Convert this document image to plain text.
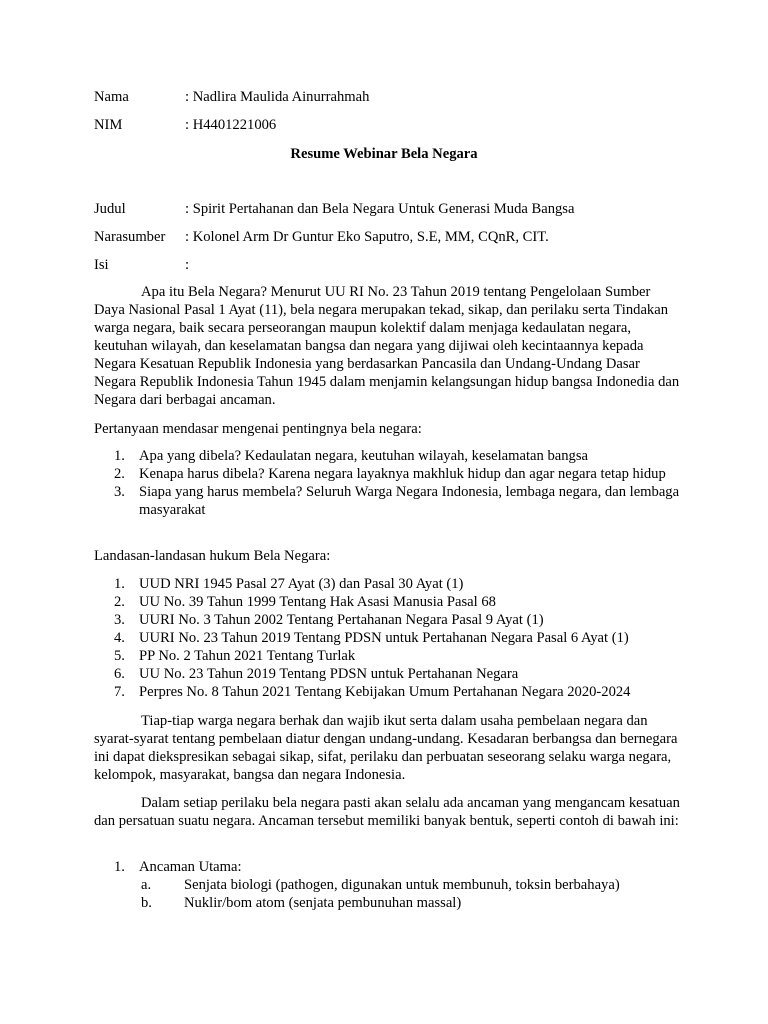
Nama	: Nadlira Maulida Ainurrahmah
NIM	: H4401221006
Resume Webinar Bela Negara
Judul	: Spirit Pertahanan dan Bela Negara Untuk Generasi Muda Bangsa
Narasumber : Kolonel Arm Dr Guntur Eko Saputro, S.E, MM, CQnR, CIT.
Isi	:

Apa itu Bela Negara? Menurut UU RI No. 23 Tahun 2019 tentang Pengelolaan Sumber Daya Nasional Pasal 1 Ayat (11), bela negara merupakan tekad, sikap, dan perilaku serta Tindakan warga negara, baik secara perseorangan maupun kolektif dalam menjaga kedaulatan negara, keutuhan wilayah, dan keselamatan bangsa dan negara yang dijiwai oleh kecintaannya kepada Negara Kesatuan Republik Indonesia yang berdasarkan Pancasila dan Undang-Undang Dasar Negara Republik Indonesia Tahun 1945 dalam menjamin kelangsungan hidup bangsa Indonedia dan Negara dari berbagai ancaman.

Pertanyaan mendasar mengenai pentingnya bela negara:
1. Apa yang dibela? Kedaulatan negara, keutuhan wilayah, keselamatan bangsa
2. Kenapa harus dibela? Karena negara layaknya makhluk hidup dan agar negara tetap hidup
3. Siapa yang harus membela? Seluruh Warga Negara Indonesia, lembaga negara, dan lembaga masyarakat
Landasan-landasan hukum Bela Negara:
1. UUD NRI 1945 Pasal 27 Ayat (3) dan Pasal 30 Ayat (1)
2. UU No. 39 Tahun 1999 Tentang Hak Asasi Manusia Pasal 68
3. UURI No. 3 Tahun 2002 Tentang Pertahanan Negara Pasal 9 Ayat (1)
4. UURI No. 23 Tahun 2019 Tentang PDSN untuk Pertahanan Negara Pasal 6 Ayat (1)
5. PP No. 2 Tahun 2021 Tentang Turlak
6. UU No. 23 Tahun 2019 Tentang PDSN untuk Pertahanan Negara
7. Perpres No. 8 Tahun 2021 Tentang Kebijakan Umum Pertahanan Negara 2020-2024

Tiap-tiap warga negara berhak dan wajib ikut serta dalam usaha pembelaan negara dan syarat-syarat tentang pembelaan diatur dengan undang-undang. Kesadaran berbangsa dan bernegara ini dapat diekspresikan sebagai sikap, sifat, perilaku dan perbuatan seseorang selaku warga negara, kelompok, masyarakat, bangsa dan negara Indonesia.

Dalam setiap perilaku bela negara pasti akan selalu ada ancaman yang mengancam kesatuan dan persatuan suatu negara. Ancaman tersebut memiliki banyak bentuk, seperti contoh di bawah ini:

1. Ancaman Utama:
a. Senjata biologi (pathogen, digunakan untuk membunuh, toksin berbahaya)
b. Nuklir/bom atom (senjata pembunuhan massal)
